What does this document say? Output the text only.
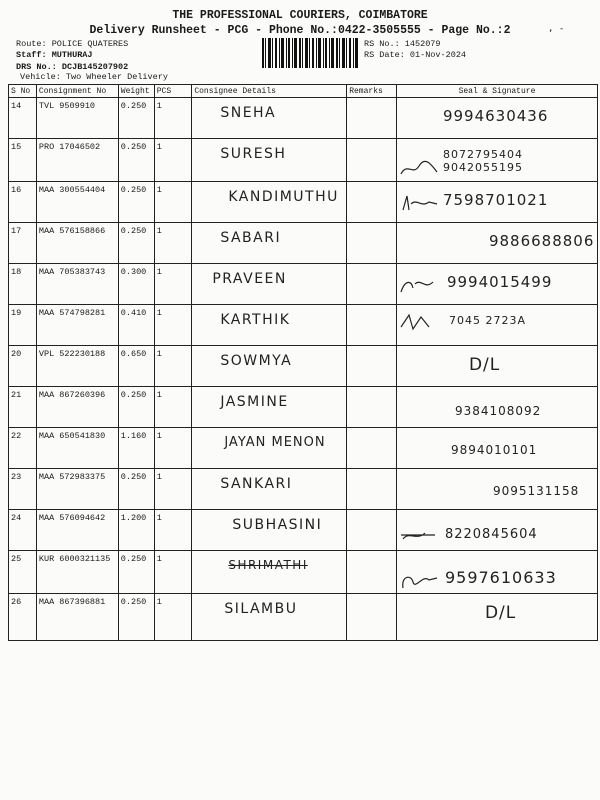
THE PROFESSIONAL COURIERS, COIMBATORE
Delivery Runsheet - PCG - Phone No.:0422-3505555 - Page No.:2	, -
Route: POLICE QUATERES
Staff: MUTHURAJ
DRS No.: DCJB145207902
Vehicle: Two Wheeler Delivery
RS No.: 1452079
RS Date: 01-Nov-2024
S No	Consignment No	Weight	PCS	Consignee Details	Remarks	Seal & Signature
14	TVL 9509910	0.250	1	SNEHA		9994630436
15	PRO 17046502	0.250	1	SURESH		8072795404 9042055195
16	MAA 300554404	0.250	1	KANDIMUTHU		7598701021
17	MAA 576158866	0.250	1	SABARI		9886688806
18	MAA 705383743	0.300	1	PRAVEEN		9994015499
19	MAA 574798281	0.410	1	KARTHIK		7045 2723A
20	VPL 522230188	0.650	1	SOWMYA		D/L
21	MAA 867260396	0.250	1	JASMINE		9384108092
22	MAA 650541830	1.160	1	JAYAN MENON		9894010101
23	MAA 572983375	0.250	1	SANKARI		9095131158
24	MAA 576094642	1.200	1	SUBHASINI		8220845604
25	KUR 6000321135	0.250	1	SHRIMATHI		9597610633
26	MAA 867396881	0.250	1	SILAMBU		D/L
